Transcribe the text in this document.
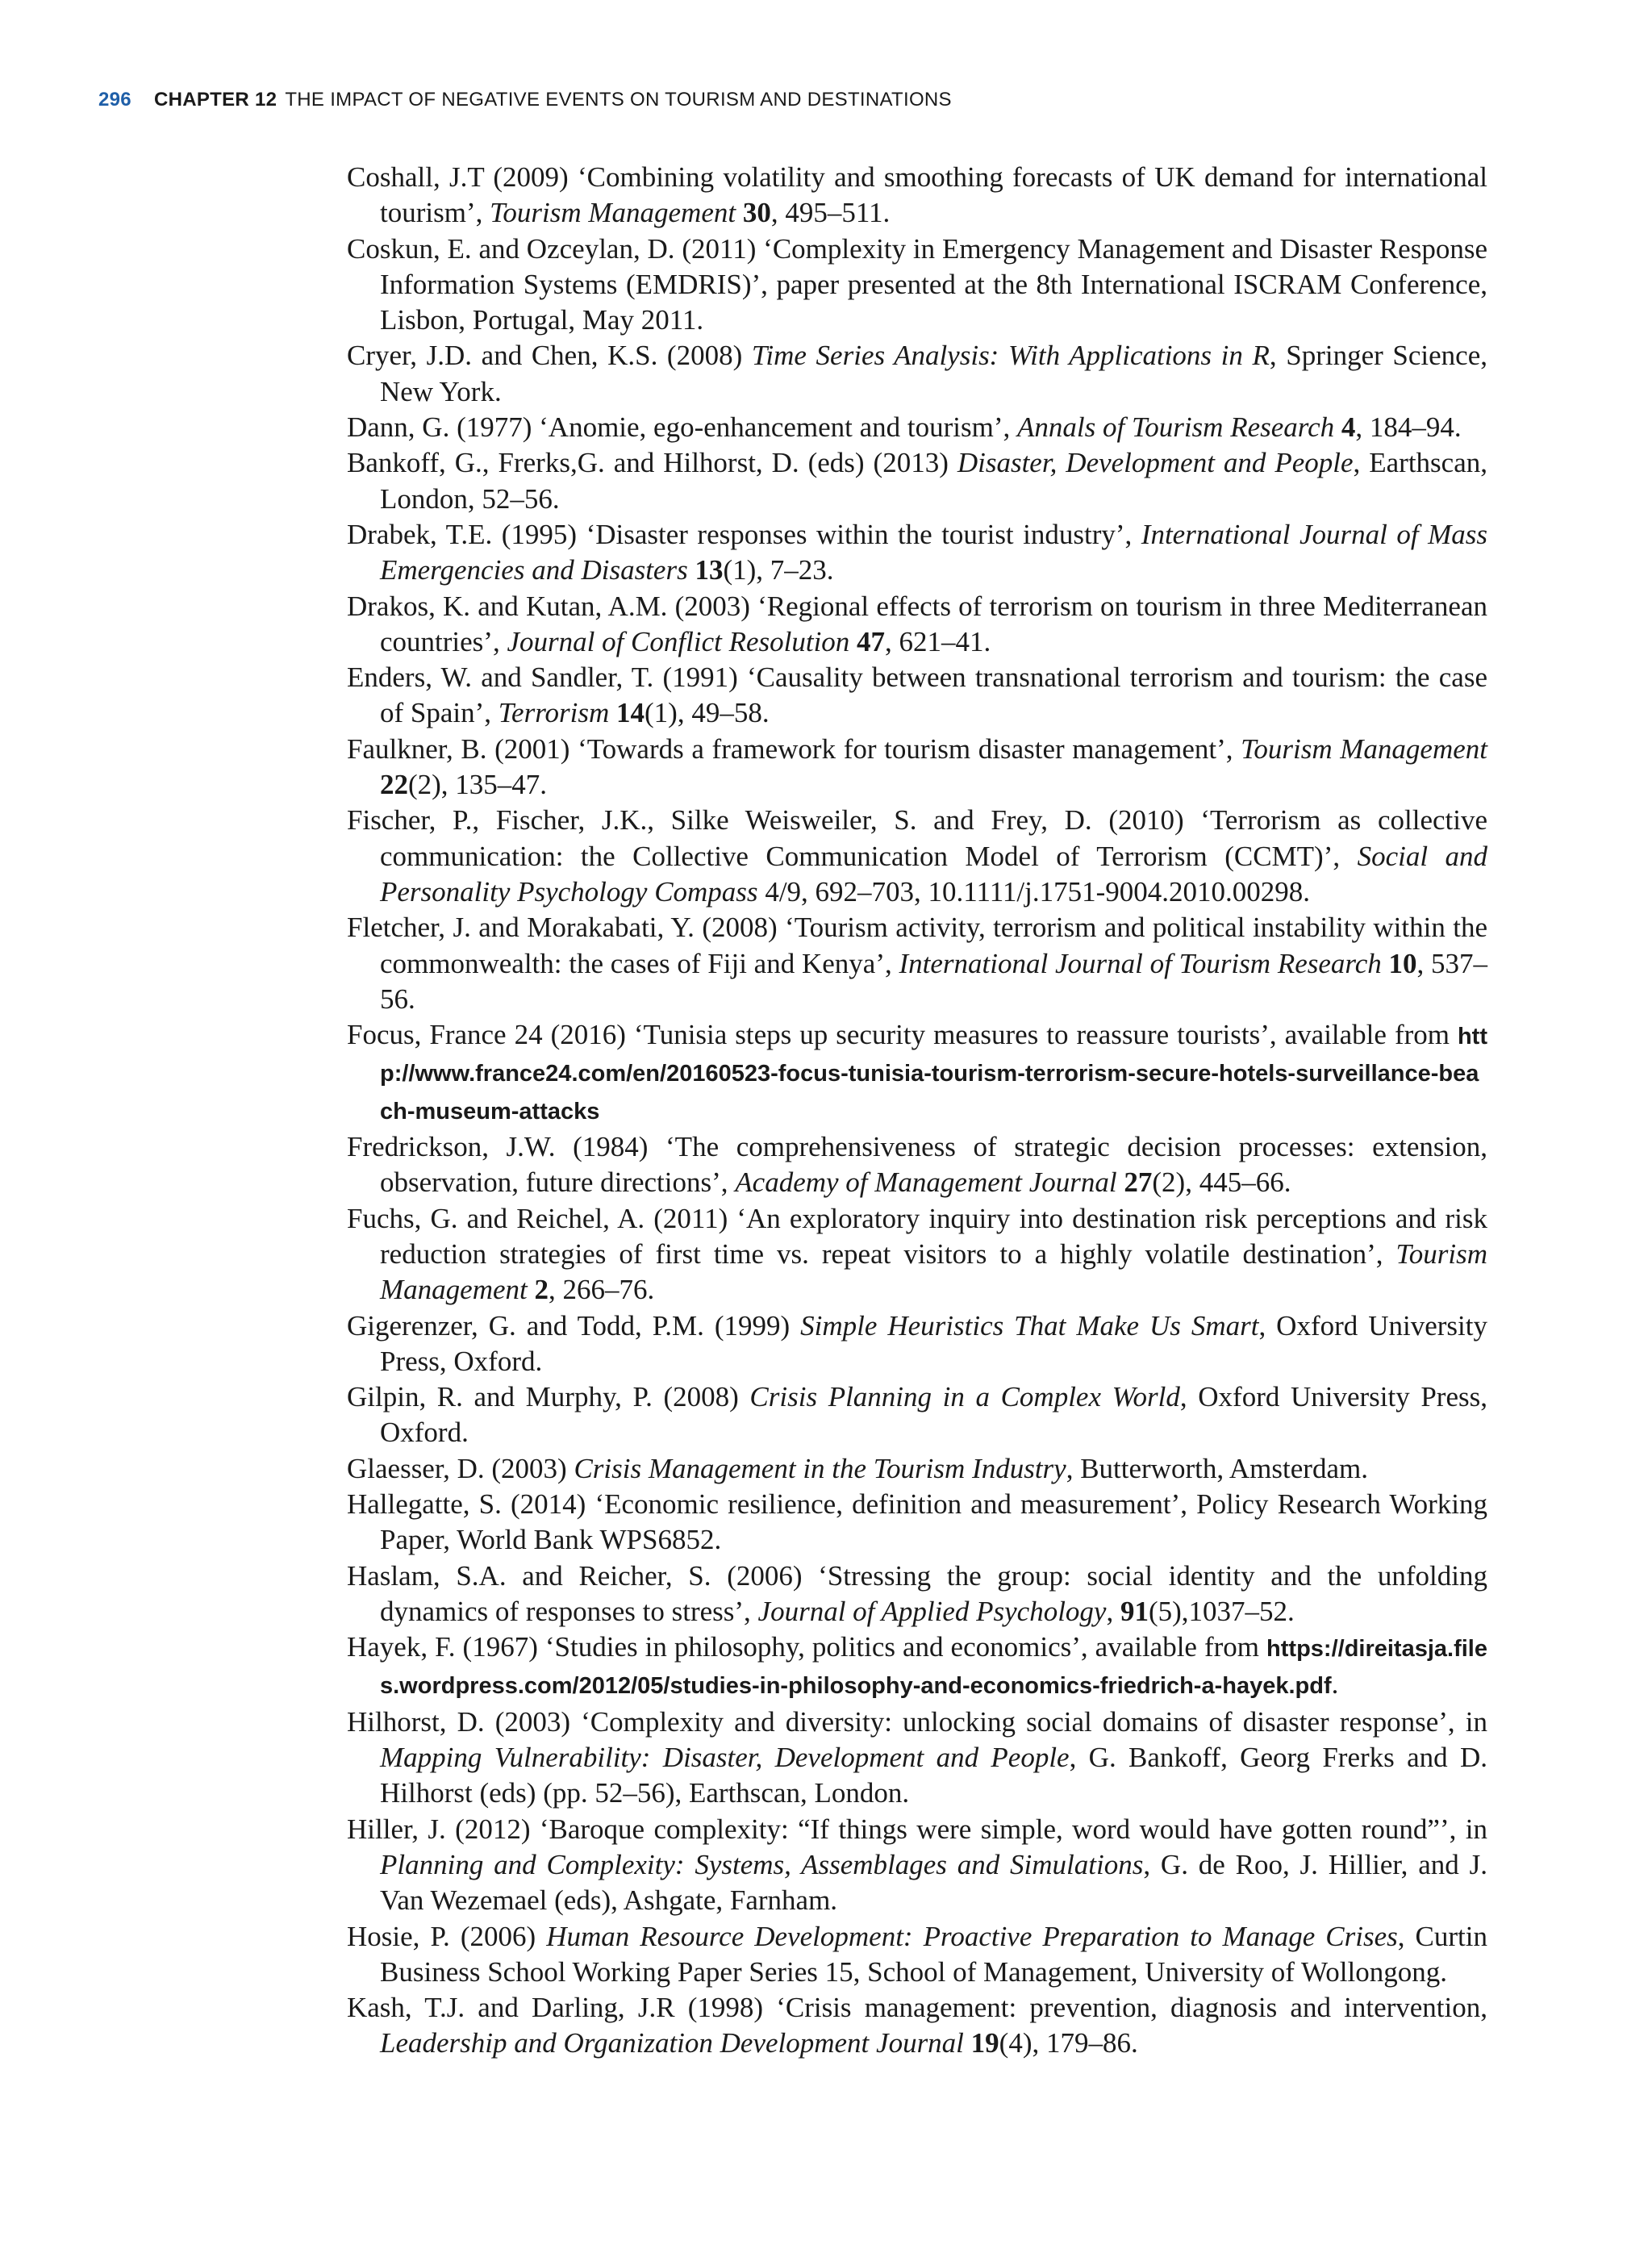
296 CHAPTER 12 THE IMPACT OF NEGATIVE EVENTS ON TOURISM AND DESTINATIONS

Coshall, J.T (2009) ‘Combining volatility and smoothing forecasts of UK demand for international tourism’, Tourism Management 30, 495–511.

Coskun, E. and Ozceylan, D. (2011) ‘Complexity in Emergency Management and Disaster Response Information Systems (EMDRIS)’, paper presented at the 8th International ISCRAM Conference, Lisbon, Portugal, May 2011.

Cryer, J.D. and Chen, K.S. (2008) Time Series Analysis: With Applications in R, Springer Science, New York.

Dann, G. (1977) ‘Anomie, ego-enhancement and tourism’, Annals of Tourism Research 4, 184–94.

Bankoff, G., Frerks,G. and Hilhorst, D. (eds) (2013) Disaster, Development and People, Earthscan, London, 52–56.

Drabek, T.E. (1995) ‘Disaster responses within the tourist industry’, International Journal of Mass Emergencies and Disasters 13(1), 7–23.

Drakos, K. and Kutan, A.M. (2003) ‘Regional effects of terrorism on tourism in three Mediterranean countries’, Journal of Conflict Resolution 47, 621–41.

Enders, W. and Sandler, T. (1991) ‘Causality between transnational terrorism and tourism: the case of Spain’, Terrorism 14(1), 49–58.

Faulkner, B. (2001) ‘Towards a framework for tourism disaster management’, Tourism Management 22(2), 135–47.

Fischer, P., Fischer, J.K., Silke Weisweiler, S. and Frey, D. (2010) ‘Terrorism as collective communication: the Collective Communication Model of Terrorism (CCMT)’, Social and Personality Psychology Compass 4/9, 692–703, 10.1111/j.1751-9004.2010.00298.

Fletcher, J. and Morakabati, Y. (2008) ‘Tourism activity, terrorism and political instability within the commonwealth: the cases of Fiji and Kenya’, International Journal of Tourism Research 10, 537–56.

Focus, France 24 (2016) ‘Tunisia steps up security measures to reassure tourists’, available from http://www.france24.com/en/20160523-focus-tunisia-tourism-terrorism-secure-hotels-surveillance-beach-museum-attacks

Fredrickson, J.W. (1984) ‘The comprehensiveness of strategic decision processes: extension, observation, future directions’, Academy of Management Journal 27(2), 445–66.

Fuchs, G. and Reichel, A. (2011) ‘An exploratory inquiry into destination risk perceptions and risk reduction strategies of first time vs. repeat visitors to a highly volatile destination’, Tourism Management 2, 266–76.

Gigerenzer, G. and Todd, P.M. (1999) Simple Heuristics That Make Us Smart, Oxford University Press, Oxford.

Gilpin, R. and Murphy, P. (2008) Crisis Planning in a Complex World, Oxford University Press, Oxford.

Glaesser, D. (2003) Crisis Management in the Tourism Industry, Butterworth, Amsterdam.

Hallegatte, S. (2014) ‘Economic resilience, definition and measurement’, Policy Research Working Paper, World Bank WPS6852.

Haslam, S.A. and Reicher, S. (2006) ‘Stressing the group: social identity and the unfolding dynamics of responses to stress’, Journal of Applied Psychology, 91(5),1037–52.

Hayek, F. (1967) ‘Studies in philosophy, politics and economics’, available from https://direitasja.files.wordpress.com/2012/05/studies-in-philosophy-and-economics-friedrich-a-hayek.pdf.

Hilhorst, D. (2003) ‘Complexity and diversity: unlocking social domains of disaster response’, in Mapping Vulnerability: Disaster, Development and People, G. Bankoff, Georg Frerks and D. Hilhorst (eds) (pp. 52–56), Earthscan, London.

Hiller, J. (2012) ‘Baroque complexity: “If things were simple, word would have gotten round”’, in Planning and Complexity: Systems, Assemblages and Simulations, G. de Roo, J. Hillier, and J. Van Wezemael (eds), Ashgate, Farnham.

Hosie, P. (2006) Human Resource Development: Proactive Preparation to Manage Crises, Curtin Business School Working Paper Series 15, School of Management, University of Wollongong.

Kash, T.J. and Darling, J.R (1998) ‘Crisis management: prevention, diagnosis and intervention, Leadership and Organization Development Journal 19(4), 179–86.
